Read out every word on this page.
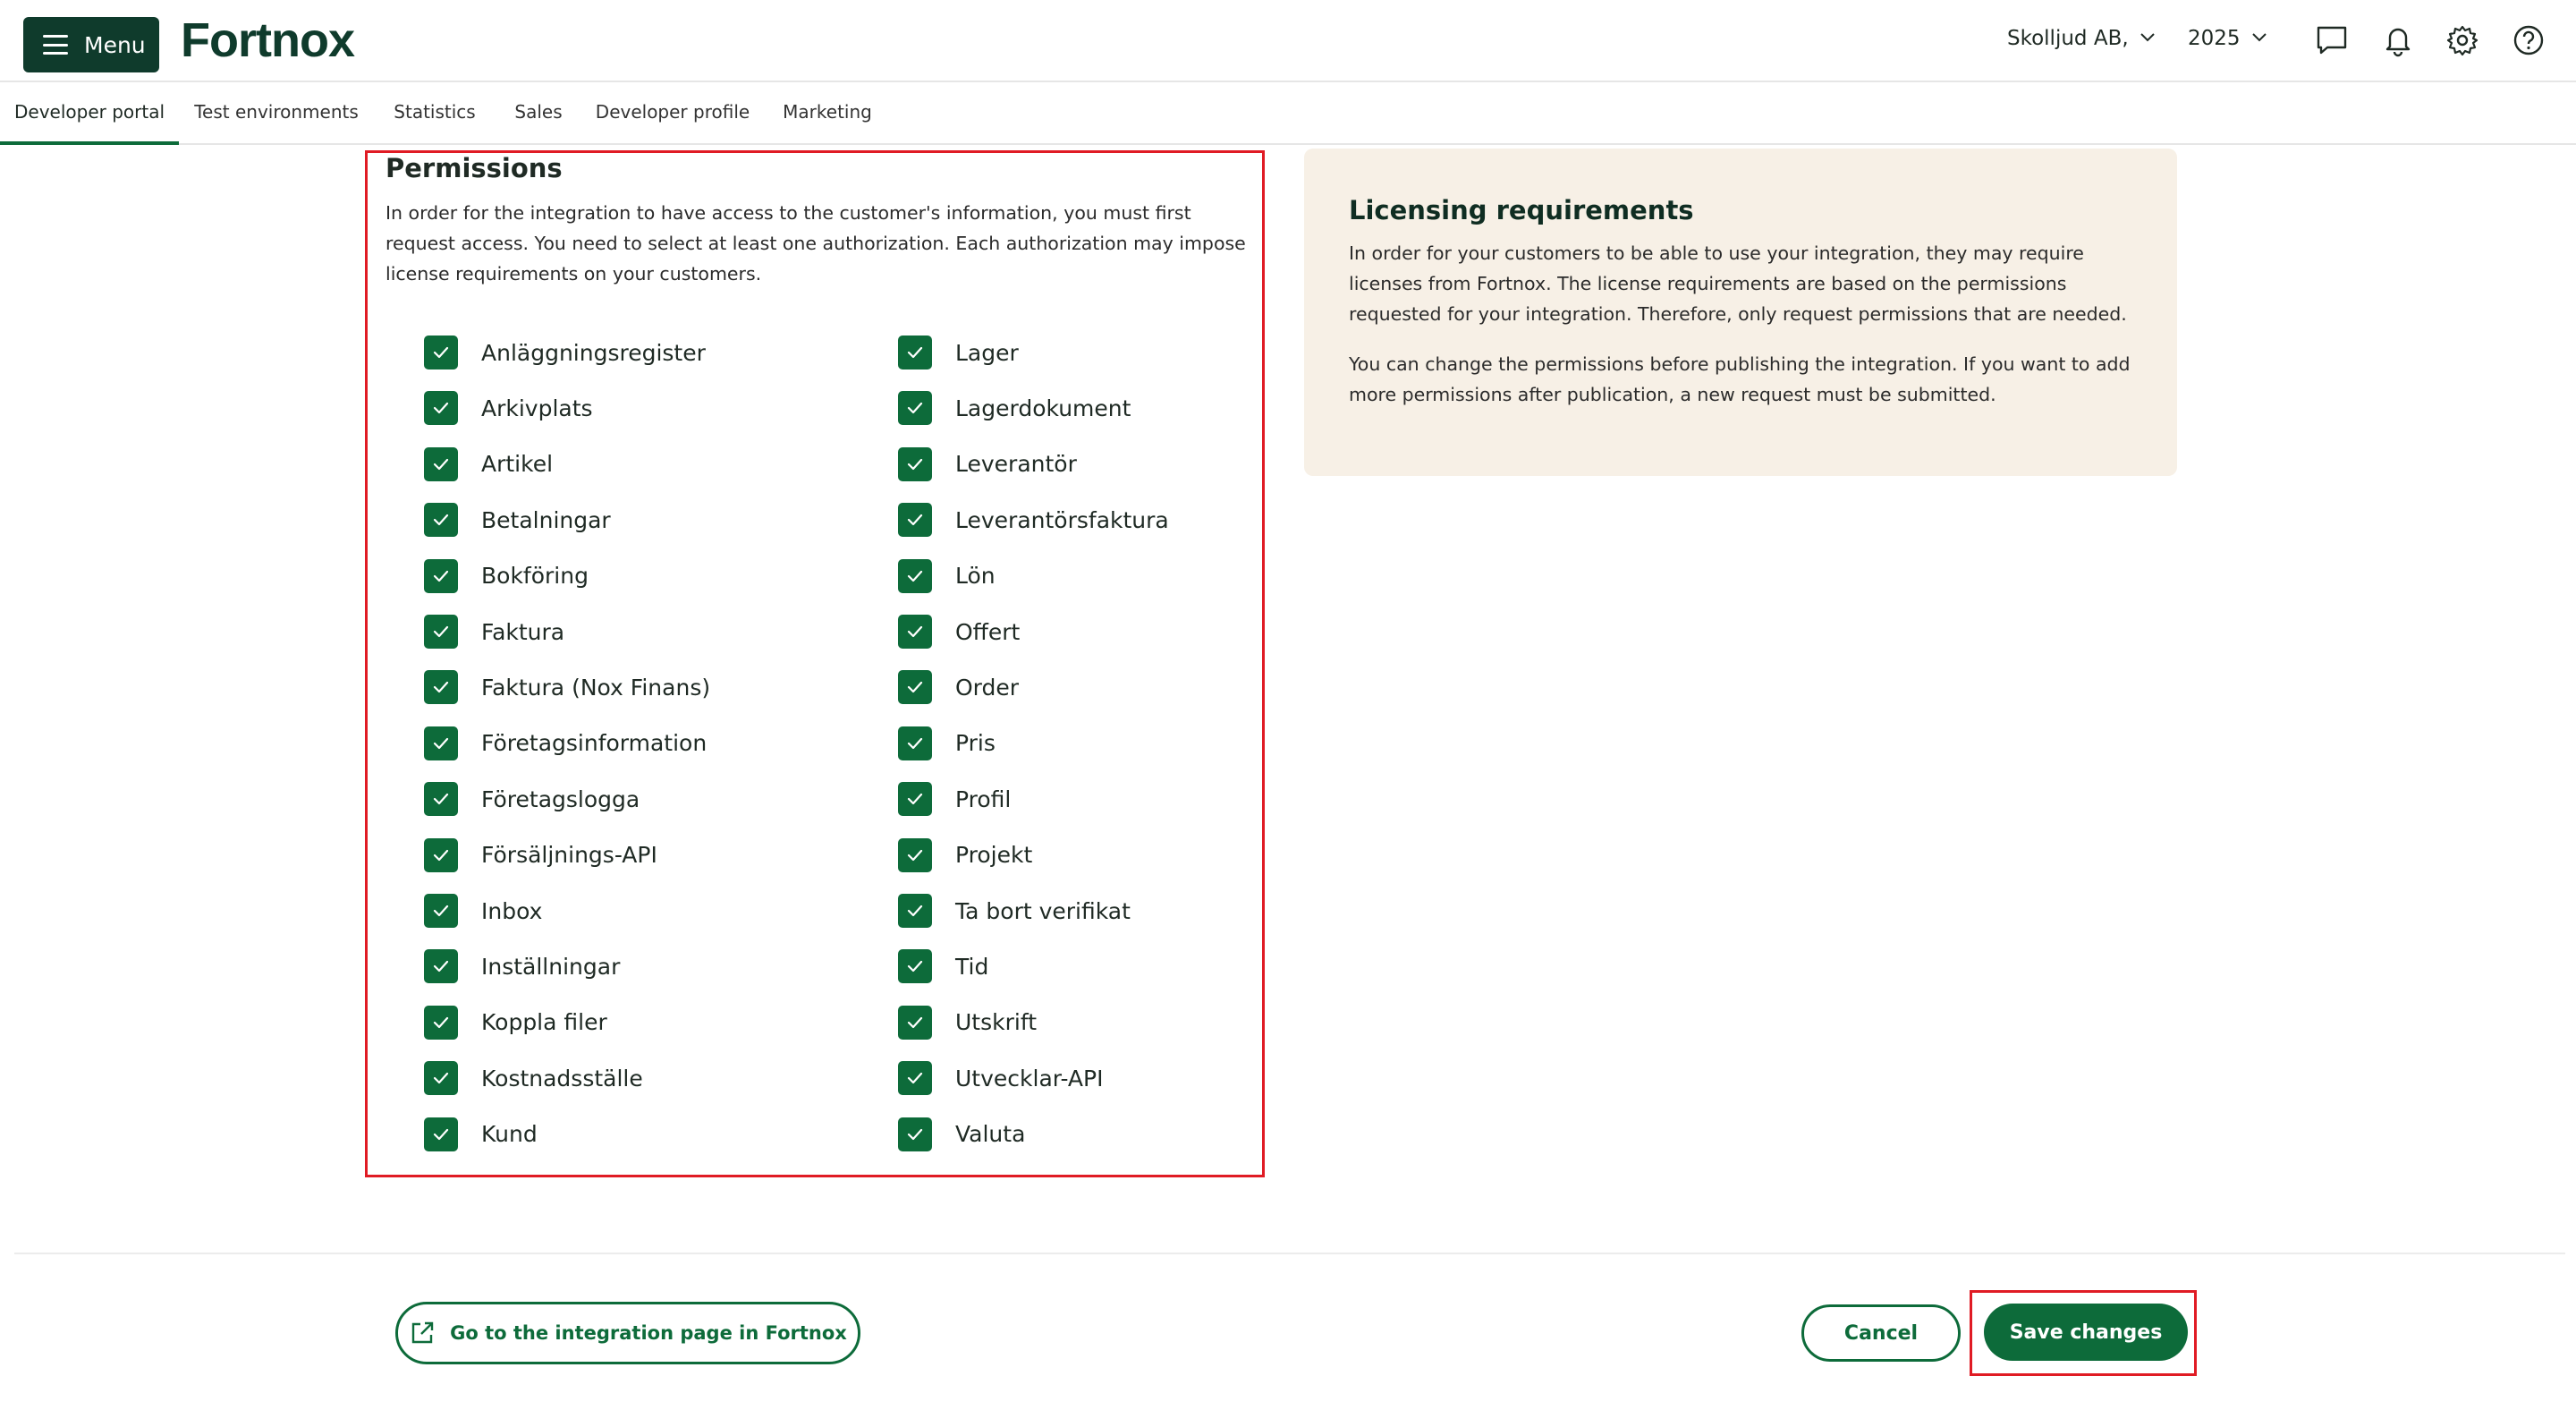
Menu Fortnox	Skolljud AB,	2025
Developer portal	Test environments	Statistics	Sales	Developer profile	Marketing
Permissions
In order for the integration to have access to the customer's information, you must first request access. You need to select at least one authorization. Each authorization may impose license requirements on your customers.
Anläggningsregister
Arkivplats
Artikel
Betalningar
Bokföring
Faktura
Faktura (Nox Finans)
Företagsinformation
Företagslogga
Försäljnings-API
Inbox
Inställningar
Koppla filer
Kostnadsställe
Kund
Lager
Lagerdokument
Leverantör
Leverantörsfaktura
Lön
Offert
Order
Pris
Profil
Projekt
Ta bort verifikat
Tid
Utskrift
Utvecklar-API
Valuta
Licensing requirements
In order for your customers to be able to use your integration, they may require licenses from Fortnox. The license requirements are based on the permissions requested for your integration. Therefore, only request permissions that are needed.
You can change the permissions before publishing the integration. If you want to add more permissions after publication, a new request must be submitted.
Go to the integration page in Fortnox	Cancel	Save changes
